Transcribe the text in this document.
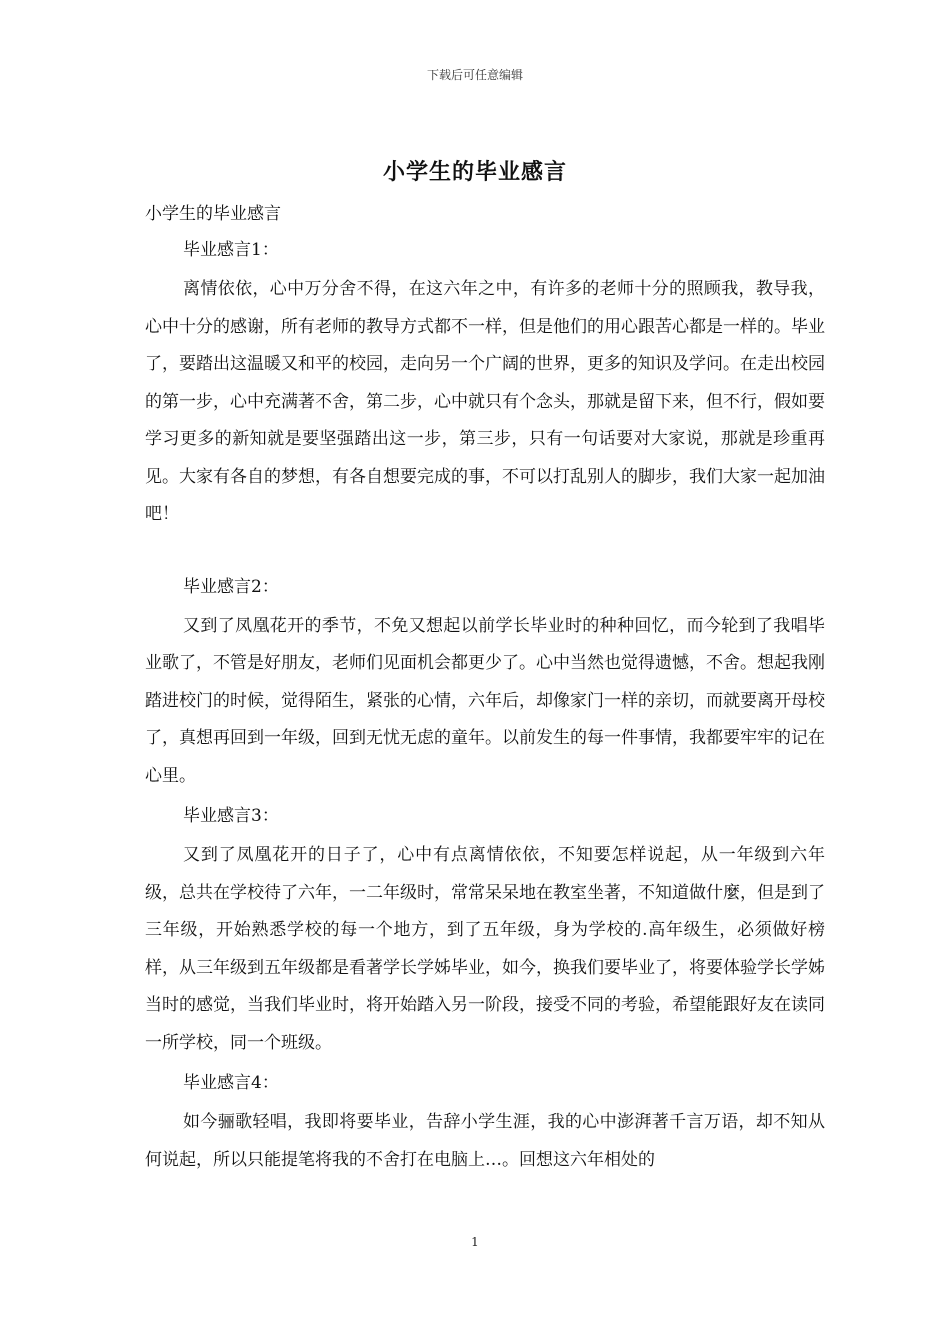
下载后可任意编辑
小学生的毕业感言

小学生的毕业感言

毕业感言1：

离情依依，心中万分舍不得，在这六年之中，有许多的老师十分的照顾我，教导我，心中十分的感谢，所有老师的教导方式都不一样，但是他们的用心跟苦心都是一样的。毕业了，要踏出这温暖又和平的校园，走向另一个广阔的世界，更多的知识及学问。在走出校园的第一步，心中充满著不舍，第二步，心中就只有个念头，那就是留下来，但不行，假如要学习更多的新知就是要坚强踏出这一步，第三步，只有一句话要对大家说，那就是珍重再见。大家有各自的梦想，有各自想要完成的事，不可以打乱别人的脚步，我们大家一起加油吧！

毕业感言2：

又到了凤凰花开的季节，不免又想起以前学长毕业时的种种回忆，而今轮到了我唱毕业歌了，不管是好朋友，老师们见面机会都更少了。心中当然也觉得遗憾，不舍。想起我刚踏进校门的时候，觉得陌生，紧张的心情，六年后，却像家门一样的亲切，而就要离开母校了，真想再回到一年级，回到无忧无虑的童年。以前发生的每一件事情，我都要牢牢的记在心里。

毕业感言3：

又到了凤凰花开的日子了，心中有点离情依依，不知要怎样说起，从一年级到六年级，总共在学校待了六年，一二年级时，常常呆呆地在教室坐著，不知道做什麼，但是到了三年级，开始熟悉学校的每一个地方，到了五年级，身为学校的.高年级生，必须做好榜样，从三年级到五年级都是看著学长学姊毕业，如今，换我们要毕业了，将要体验学长学姊当时的感觉，当我们毕业时，将开始踏入另一阶段，接受不同的考验，希望能跟好友在读同一所学校，同一个班级。

毕业感言4：

如今骊歌轻唱，我即将要毕业，告辞小学生涯，我的心中澎湃著千言万语，却不知从何说起，所以只能提笔将我的不舍打在电脑上…。回想这六年相处的

1
